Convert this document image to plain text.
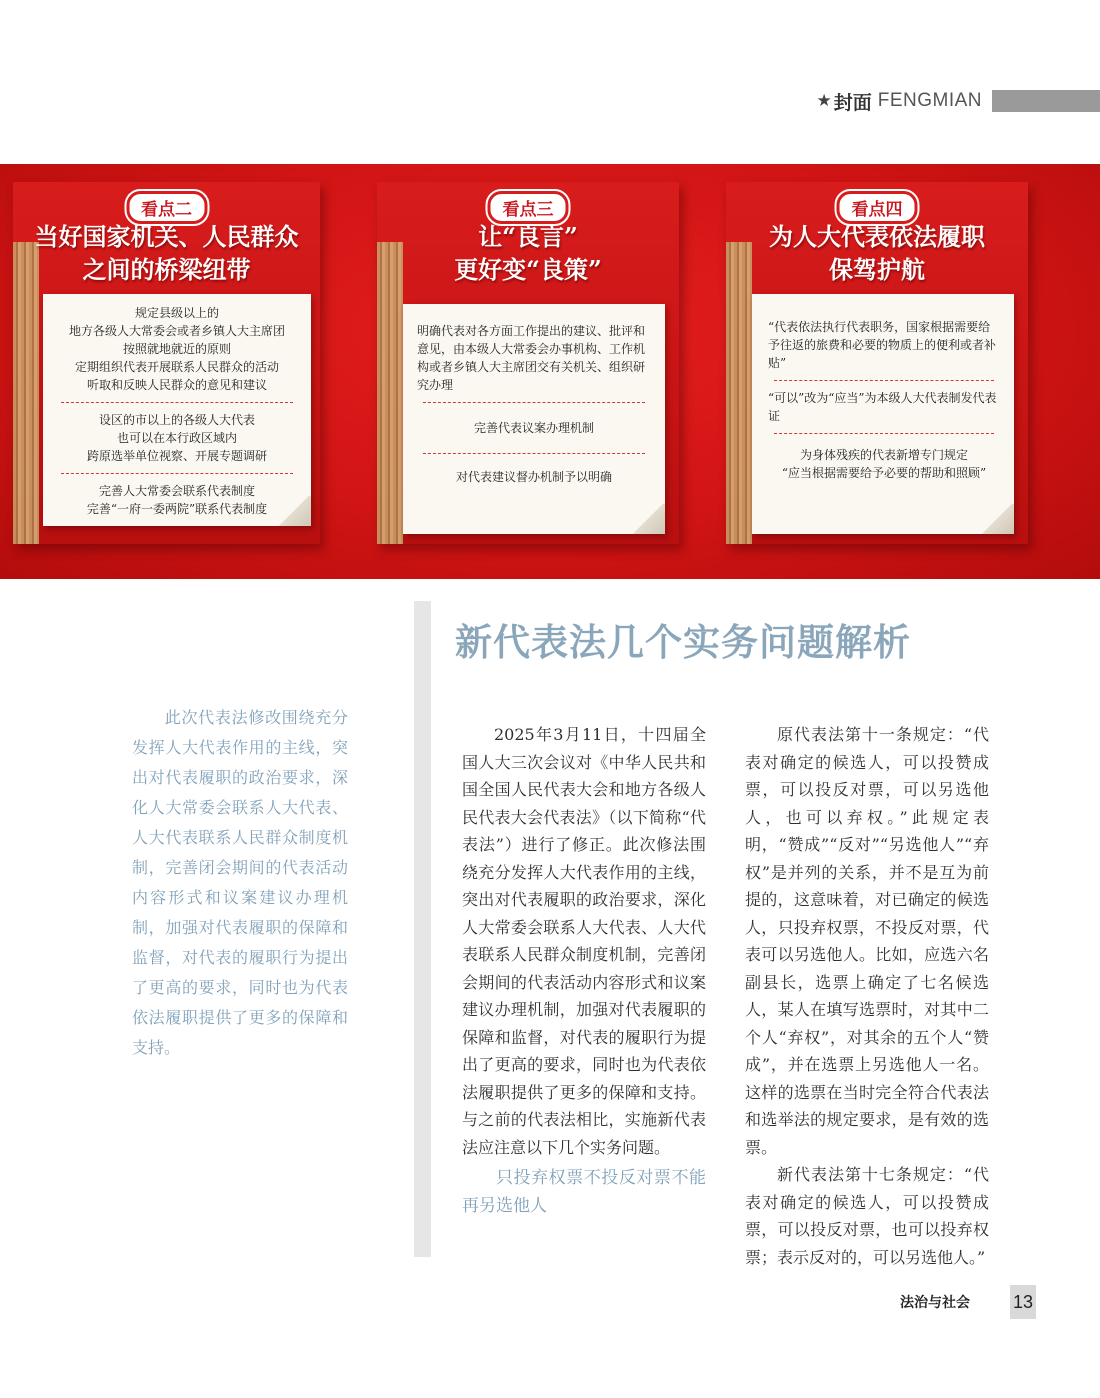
★ 封面 FENGMIAN
看点二
当好国家机关、人民群众
之间的桥梁纽带
规定县级以上的
地方各级人大常委会或者乡镇人大主席团
按照就地就近的原则
定期组织代表开展联系人民群众的活动
听取和反映人民群众的意见和建议
设区的市以上的各级人大代表
也可以在本行政区域内
跨原选举单位视察、开展专题调研
完善人大常委会联系代表制度
完善“一府一委两院”联系代表制度
看点三
让“良言”
更好变“良策”

明确代表对各方面工作提出的建议、批评和意见，由本级人大常委会办事机构、工作机构或者乡镇人大主席团交有关机关、组织研究办理

完善代表议案办理机制
对代表建议督办机制予以明确
看点四
为人大代表依法履职
保驾护航

“代表依法执行代表职务，国家根据需要给予往返的旅费和必要的物质上的便利或者补贴”

“可以”改为“应当”为本级人大代表制发代表证

为身体残疾的代表新增专门规定
“应当根据需要给予必要的帮助和照顾”
新代表法几个实务问题解析
此次代表法修改围绕充分发挥人大代表作用的主线，突出对代表履职的政治要求，深化人大常委会联系人大代表、人大代表联系人民群众制度机制，完善闭会期间的代表活动内容形式和议案建议办理机制，加强对代表履职的保障和监督，对代表的履职行为提出了更高的要求，同时也为代表依法履职提供了更多的保障和支持。

2025年3月11日，十四届全国人大三次会议对《中华人民共和国全国人民代表大会和地方各级人民代表大会代表法》（以下简称“代表法”）进行了修正。此次修法围绕充分发挥人大代表作用的主线，突出对代表履职的政治要求，深化人大常委会联系人大代表、人大代表联系人民群众制度机制，完善闭会期间的代表活动内容形式和议案建议办理机制，加强对代表履职的保障和监督，对代表的履职行为提出了更高的要求，同时也为代表依法履职提供了更多的保障和支持。与之前的代表法相比，实施新代表法应注意以下几个实务问题。

只投弃权票不投反对票不能再另选他人

原代表法第十一条规定：“代表对确定的候选人，可以投赞成票，可以投反对票，可以另选他人，也可以弃权。”此规定表明，“赞成”“反对”“另选他人”“弃权”是并列的关系，并不是互为前提的，这意味着，对已确定的候选人，只投弃权票，不投反对票，代表可以另选他人。比如，应选六名副县长，选票上确定了七名候选人，某人在填写选票时，对其中二个人“弃权”，对其余的五个人“赞成”，并在选票上另选他人一名。这样的选票在当时完全符合代表法和选举法的规定要求，是有效的选票。

新代表法第十七条规定：“代表对确定的候选人，可以投赞成票，可以投反对票，也可以投弃权票；表示反对的，可以另选他人。”

法治与社会 13
